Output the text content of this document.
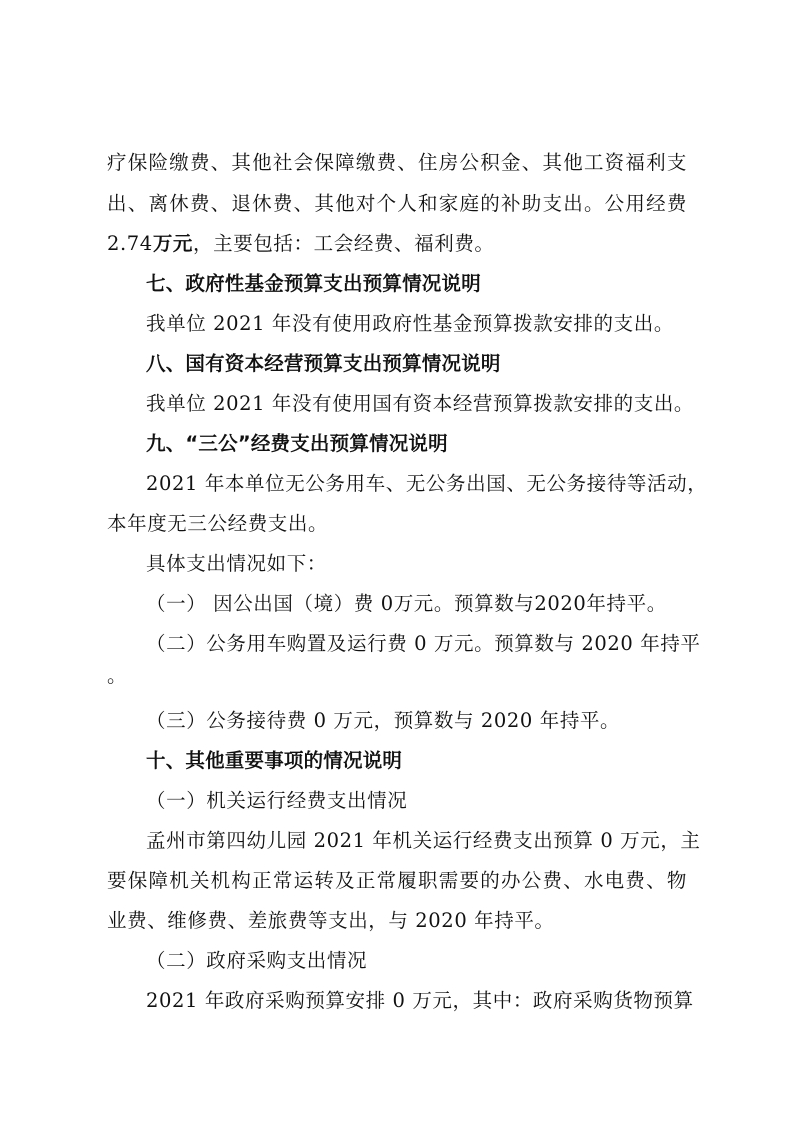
疗保险缴费、其他社会保障缴费、住房公积金、其他工资福利支
出、离休费、退休费、其他对个人和家庭的补助支出。公用经费
2.74万元，主要包括：工会经费、福利费。
七、政府性基金预算支出预算情况说明
我单位 2021 年没有使用政府性基金预算拨款安排的支出。
八、国有资本经营预算支出预算情况说明
我单位 2021 年没有使用国有资本经营预算拨款安排的支出。
九、“三公”经费支出预算情况说明
2021 年本单位无公务用车、无公务出国、无公务接待等活动，
本年度无三公经费支出。
具体支出情况如下：
（一） 因公出国（境）费 0万元。预算数与2020年持平。
（二）公务用车购置及运行费 0 万元。预算数与 2020 年持平
。
（三）公务接待费 0 万元，预算数与 2020 年持平。
十、其他重要事项的情况说明
（一）机关运行经费支出情况
孟州市第四幼儿园 2021 年机关运行经费支出预算 0 万元，主
要保障机关机构正常运转及正常履职需要的办公费、水电费、物
业费、维修费、差旅费等支出，与 2020 年持平。
（二）政府采购支出情况
2021 年政府采购预算安排 0 万元，其中：政府采购货物预算
